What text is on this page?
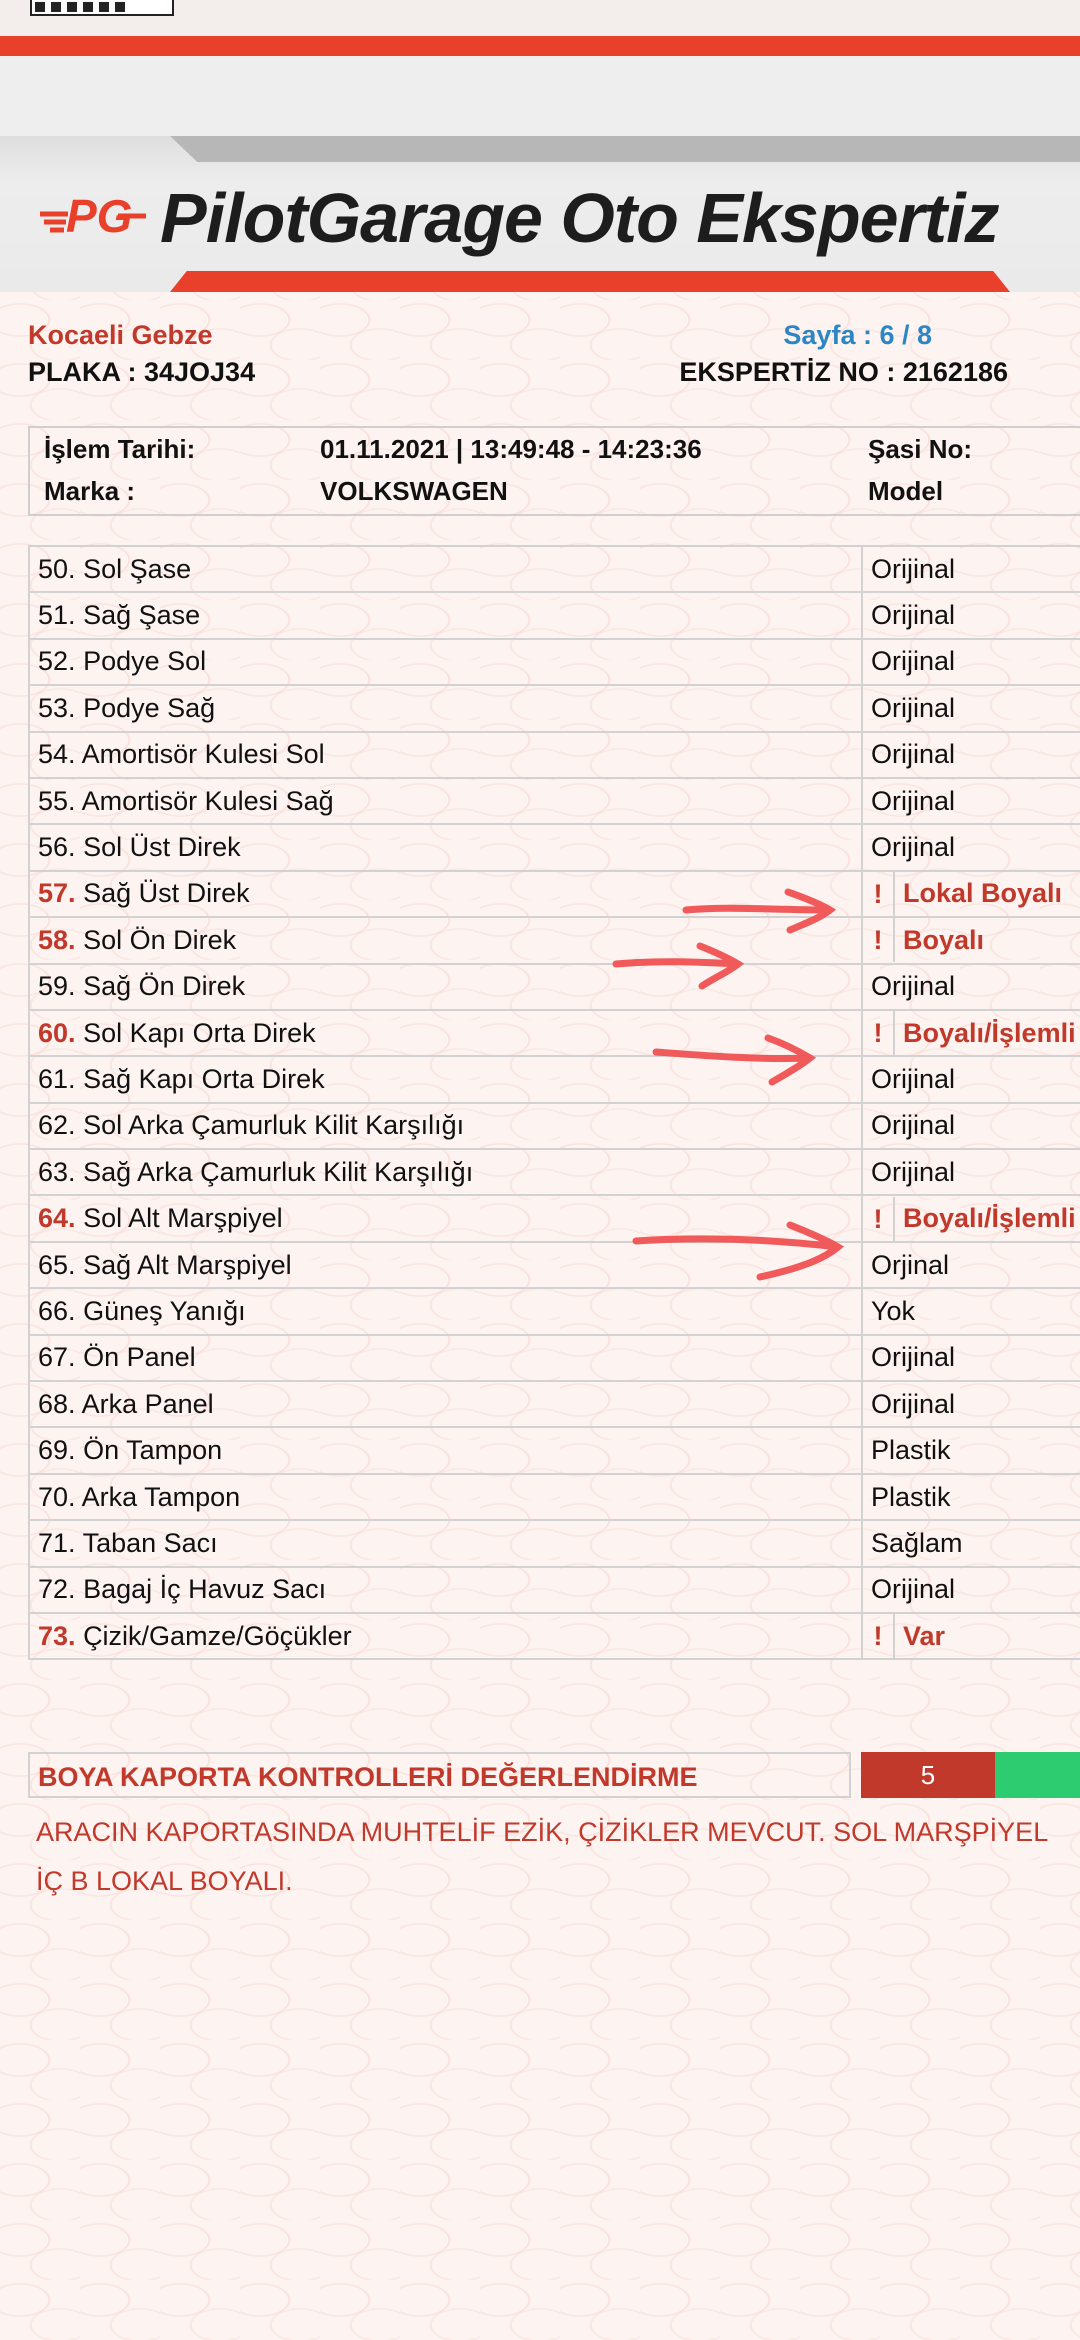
PG PilotGarage Oto Ekspertiz
Kocaeli Gebze
PLAKA : 34JOJ34
Sayfa : 6 / 8
EKSPERTİZ NO : 2162186
İşlem Tarihi:	01.11.2021 | 13:49:48 - 14:23:36	Şasi No:
Marka :	VOLKSWAGEN	Model
50. Sol Şase	Orijinal
51. Sağ Şase	Orijinal
52. Podye Sol	Orijinal
53. Podye Sağ	Orijinal
54. Amortisör Kulesi Sol	Orijinal
55. Amortisör Kulesi Sağ	Orijinal
56. Sol Üst Direk	Orijinal
57. Sağ Üst Direk	! Lokal Boyalı

58. Sol Ön Direk	! Boyalı

59. Sağ Ön Direk	Orijinal
60. Sol Kapı Orta Direk	! Boyalı/İşlemli

61. Sağ Kapı Orta Direk	Orijinal
62. Sol Arka Çamurluk Kilit Karşılığı	Orijinal
63. Sağ Arka Çamurluk Kilit Karşılığı	Orijinal
64. Sol Alt Marşpiyel	! Boyalı/İşlemli

65. Sağ Alt Marşpiyel	Orjinal
66. Güneş Yanığı	Yok
67. Ön Panel	Orijinal
68. Arka Panel	Orijinal
69. Ön Tampon	Plastik
70. Arka Tampon	Plastik
71. Taban Sacı	Sağlam
72. Bagaj İç Havuz Sacı	Orijinal
73. Çizik/Gamze/Göçükler	! Var
BOYA KAPORTA KONTROLLERİ DEĞERLENDİRME	5
ARACIN KAPORTASINDA MUHTELİF EZİK, ÇİZİKLER MEVCUT. SOL MARŞPİYEL İÇ B LOKAL BOYALI.
